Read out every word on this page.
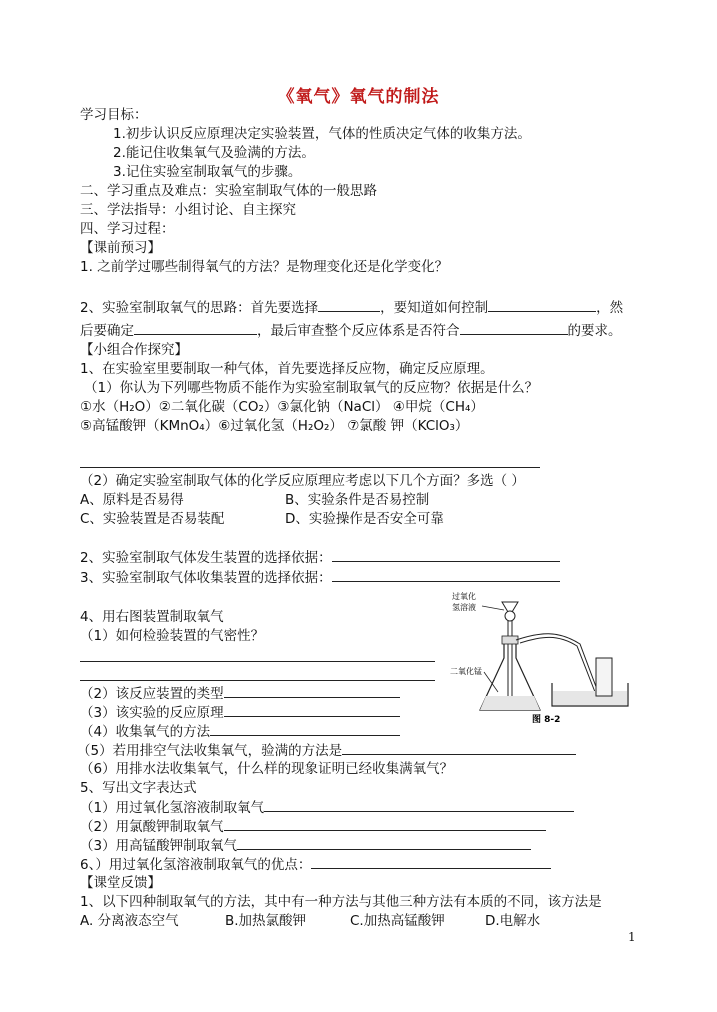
《氧气》氧气的制法
学习目标：
1.初步认识反应原理决定实验装置，气体的性质决定气体的收集方法。
2.能记住收集氧气及验满的方法。
3.记住实验室制取氧气的步骤。
二、学习重点及难点：实验室制取气体的一般思路
三、学法指导：小组讨论、自主探究
四、学习过程：
【课前预习】
1. 之前学过哪些制得氧气的方法？是物理变化还是化学变化？
2、实验室制取氧气的思路：首先要选择	，要知道如何控制	，然
后要确定	，最后审查整个反应体系是否符合	的要求。
【小组合作探究】
1、在实验室里要制取一种气体，首先要选择反应物，确定反应原理。
（1）你认为下列哪些物质不能作为实验室制取氧气的反应物？依据是什么？
①水（H₂O）②二氧化碳（CO₂）③氯化钠（NaCl） ④甲烷（CH₄）
⑤高锰酸钾（KMnO₄）⑥过氧化氢（H₂O₂） ⑦氯酸 钾（KClO₃）
（2）确定实验室制取气体的化学反应原理应考虑以下几个方面？多选（ ）
A、原料是否易得	B、实验条件是否易控制
C、实验装置是否易装配	D、实验操作是否安全可靠
2、实验室制取气体发生装置的选择依据：
3、实验室制取气体收集装置的选择依据：
4、用右图装置制取氧气
（1）如何检验装置的气密性？
（2）该反应装置的类型
（3）该实验的反应原理
（4）收集氧气的方法
（5）若用排空气法收集氧气，验满的方法是
（6）用排水法收集氧气，什么样的现象证明已经收集满氧气？
5、写出文字表达式
（1）用过氧化氢溶液制取氧气
（2）用氯酸钾制取氧气
（3）用高锰酸钾制取氧气
6、）用过氧化氢溶液制取氧气的优点：
【课堂反馈】
1、以下四种制取氧气的方法，其中有一种方法与其他三种方法有本质的不同，该方法是
A. 分离液态空气	B.加热氯酸钾	C.加热高锰酸钾	D.电解水
过氧化
氢溶液
二氧化锰
图 8-2
1
